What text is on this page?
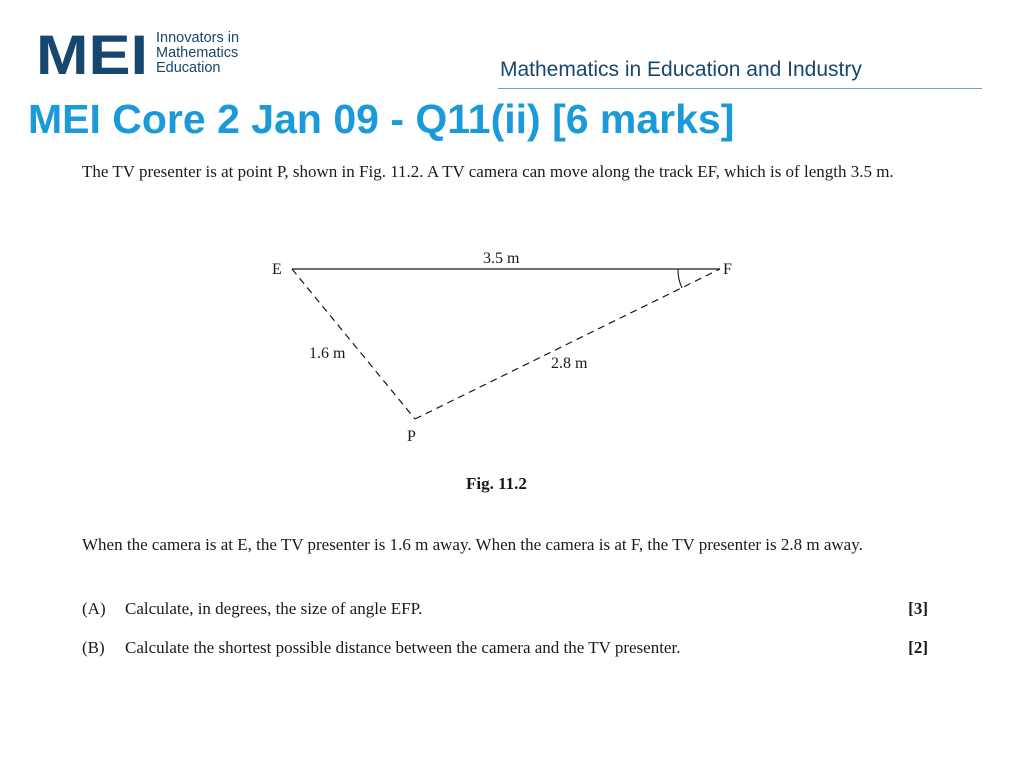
MEI Innovators in
Mathematics
Education	Mathematics in Education and Industry
MEI Core 2 Jan 09 - Q11(ii) [6 marks]
The TV presenter is at point P, shown in Fig. 11.2. A TV camera can move along the track EF, which is of length 3.5 m.
E	F
P
3.5 m
1.6 m
2.8 m
Fig. 11.2
When the camera is at E, the TV presenter is 1.6 m away. When the camera is at F, the TV presenter is 2.8 m away.
(A)	Calculate, in degrees, the size of angle EFP.	[3]
(B)	Calculate the shortest possible distance between the camera and the TV presenter.	[2]
